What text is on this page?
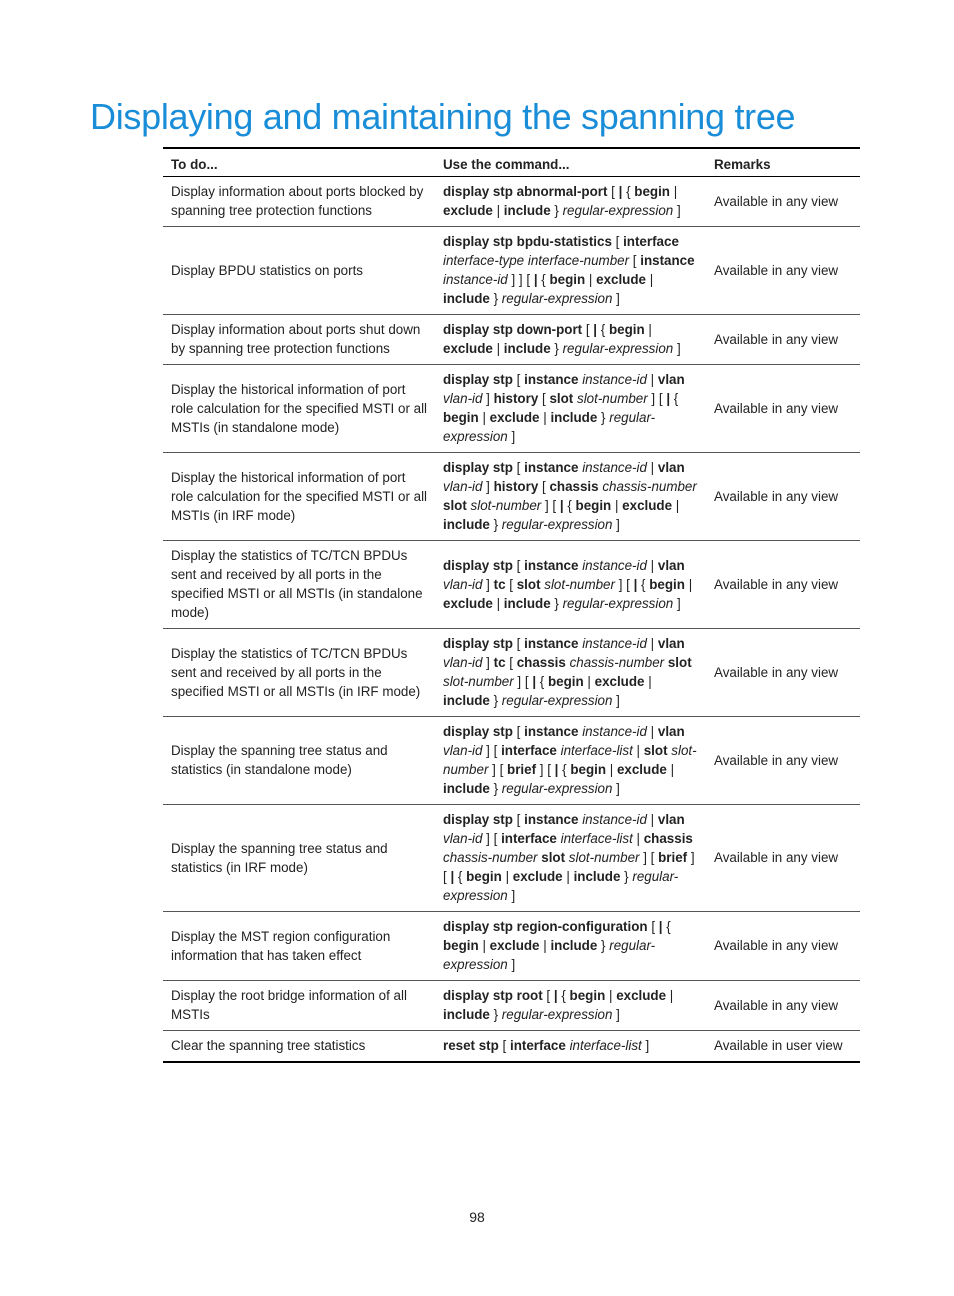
Displaying and maintaining the spanning tree
To do...	Use the command...	Remarks
Display information about ports blocked by spanning tree protection functions	display stp abnormal-port [ | { begin | exclude | include } regular-expression ]	Available in any view
Display BPDU statistics on ports	display stp bpdu-statistics [ interface interface-type interface-number [ instance instance-id ] ] [ | { begin | exclude | include } regular-expression ]	Available in any view
Display information about ports shut down by spanning tree protection functions	display stp down-port [ | { begin | exclude | include } regular-expression ]	Available in any view
Display the historical information of port role calculation for the specified MSTI or all MSTIs (in standalone mode)	display stp [ instance instance-id | vlan vlan-id ] history [ slot slot-number ] [ | { begin | exclude | include } regular-expression ]	Available in any view
Display the historical information of port role calculation for the specified MSTI or all MSTIs (in IRF mode)	display stp [ instance instance-id | vlan vlan-id ] history [ chassis chassis-number slot slot-number ] [ | { begin | exclude | include } regular-expression ]	Available in any view
Display the statistics of TC/TCN BPDUs sent and received by all ports in the specified MSTI or all MSTIs (in standalone mode)	display stp [ instance instance-id | vlan vlan-id ] tc [ slot slot-number ] [ | { begin | exclude | include } regular-expression ]	Available in any view
Display the statistics of TC/TCN BPDUs sent and received by all ports in the specified MSTI or all MSTIs (in IRF mode)	display stp [ instance instance-id | vlan vlan-id ] tc [ chassis chassis-number slot slot-number ] [ | { begin | exclude | include } regular-expression ]	Available in any view
Display the spanning tree status and statistics (in standalone mode)	display stp [ instance instance-id | vlan vlan-id ] [ interface interface-list | slot slot-number ] [ brief ] [ | { begin | exclude | include } regular-expression ]	Available in any view
Display the spanning tree status and statistics (in IRF mode)	display stp [ instance instance-id | vlan vlan-id ] [ interface interface-list | chassis chassis-number slot slot-number ] [ brief ] [ | { begin | exclude | include } regular-expression ]	Available in any view
Display the MST region configuration information that has taken effect	display stp region-configuration [ | { begin | exclude | include } regular-expression ]	Available in any view
Display the root bridge information of all MSTIs	display stp root [ | { begin | exclude | include } regular-expression ]	Available in any view
Clear the spanning tree statistics	reset stp [ interface interface-list ]	Available in user view
98
